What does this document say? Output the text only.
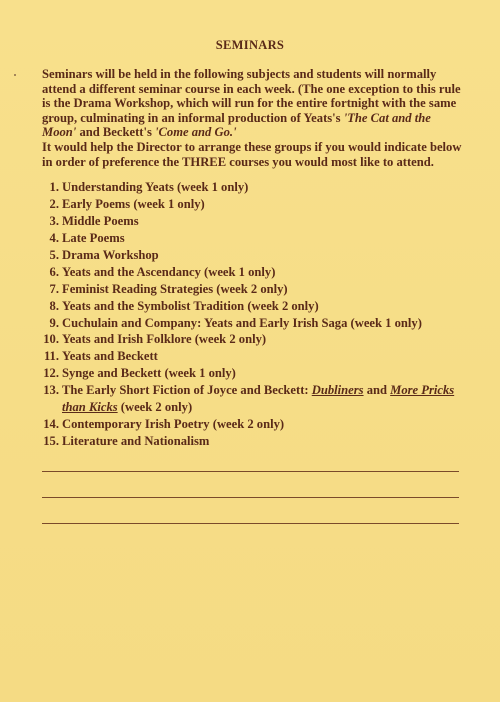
SEMINARS

Seminars will be held in the following subjects and students will normally attend a different seminar course in each week. (The one exception to this rule is the Drama Workshop, which will run for the entire fortnight with the same group, culminating in an informal production of Yeats's 'The Cat and the Moon' and Beckett's 'Come and Go.'

It would help the Director to arrange these groups if you would indicate below in order of preference the THREE courses you would most like to attend.

1. Understanding Yeats (week 1 only)
2. Early Poems (week 1 only)
3. Middle Poems
4. Late Poems
5. Drama Workshop
6. Yeats and the Ascendancy (week 1 only)
7. Feminist Reading Strategies (week 2 only)
8. Yeats and the Symbolist Tradition (week 2 only)
9. Cuchulain and Company: Yeats and Early Irish Saga (week 1 only)
10. Yeats and Irish Folklore (week 2 only)
11. Yeats and Beckett
12. Synge and Beckett (week 1 only)
13. The Early Short Fiction of Joyce and Beckett: Dubliners and More Pricks than Kicks (week 2 only)
14. Contemporary Irish Poetry (week 2 only)
15. Literature and Nationalism
